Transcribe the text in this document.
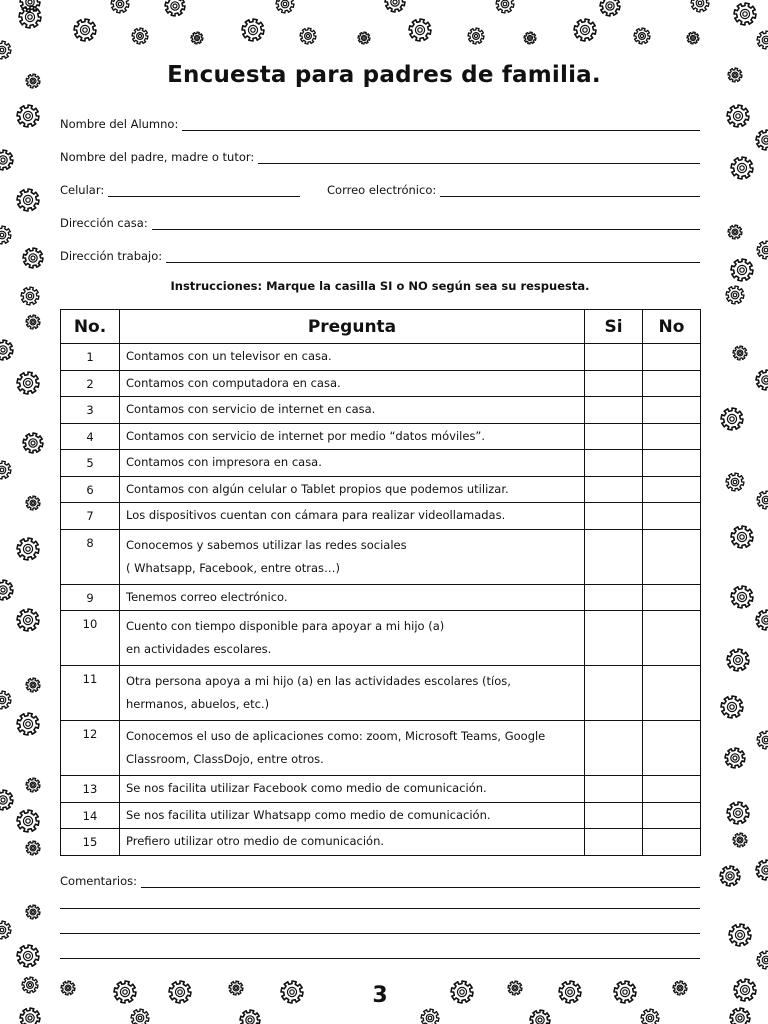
Encuesta para padres de familia.
Nombre del Alumno:
Nombre del padre, madre o tutor:
Celular:	Correo electrónico:
Dirección casa:
Dirección trabajo:
Instrucciones: Marque la casilla SI o NO según sea su respuesta.
No.	Pregunta	Si	No
1	Contamos con un televisor en casa.		

2	Contamos con computadora en casa.		

3	Contamos con servicio de internet en casa.		

4	Contamos con servicio de internet por medio “datos móviles”.		

5	Contamos con impresora en casa.		

6	Contamos con algún celular o Tablet propios que podemos utilizar.		

7	Los dispositivos cuentan con cámara para realizar videollamadas.		

8	Conocemos y sabemos utilizar las redes sociales
( Whatsapp, Facebook, entre otras…)		

9	Tenemos correo electrónico.		

10	Cuento con tiempo disponible para apoyar a mi hijo (a)
en actividades escolares.		

11	Otra persona apoya a mi hijo (a) en las actividades escolares (tíos,
hermanos, abuelos, etc.)		

12	Conocemos el uso de aplicaciones como: zoom, Microsoft Teams, Google
Classroom, ClassDojo, entre otros.		

13	Se nos facilita utilizar Facebook como medio de comunicación.		

14	Se nos facilita utilizar Whatsapp como medio de comunicación.		

15	Prefiero utilizar otro medio de comunicación.		

Comentarios:
3
